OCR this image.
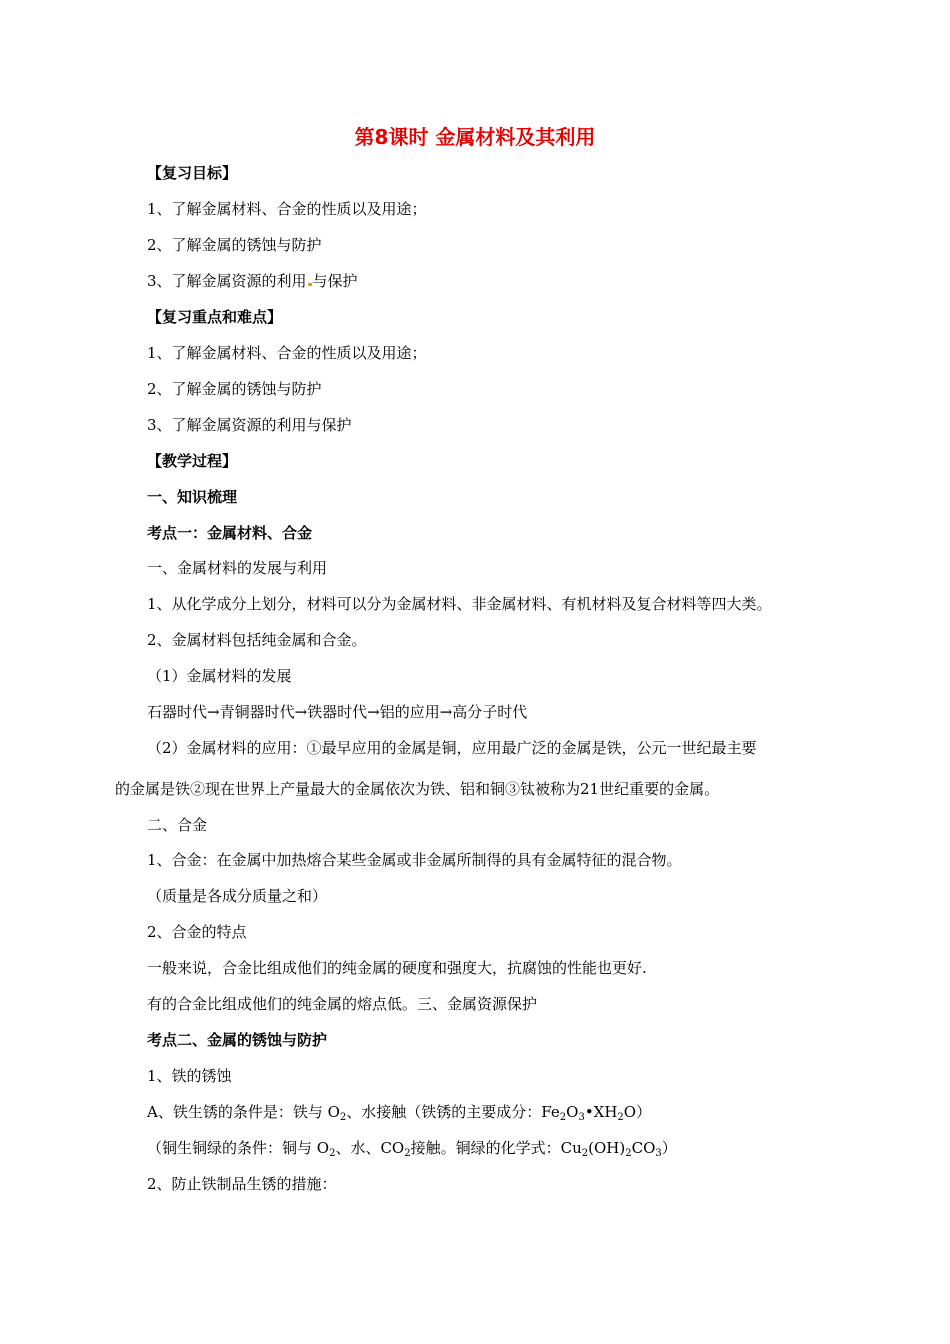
第8课时 金属材料及其利用
【复习目标】
1、了解金属材料、合金的性质以及用途；
2、了解金属的锈蚀与防护
3、了解金属资源的利用 与保护
【复习重点和难点】
1、了解金属材料、合金的性质以及用途；
2、了解金属的锈蚀与防护
3、了解金属资源的利用与保护
【教学过程】
一、知识梳理
考点一：金属材料、合金
一、金属材料的发展与利用
1、从化学成分上划分，材料可以分为金属材料、非金属材料、有机材料及复合材料等四大类。
2、金属材料包括纯金属和合金。
（1）金属材料的发展
石器时代→青铜器时代→铁器时代→铝的应用→高分子时代
（2）金属材料的应用：①最早应用的金属是铜，应用最广泛的金属是铁，公元一世纪最主要
的金属是铁②现在世界上产量最大的金属依次为铁、铝和铜③钛被称为21世纪重要的金属。
二、合金
1、合金：在金属中加热熔合某些金属或非金属所制得的具有金属特征的混合物。
（质量是各成分质量之和）
2、合金的特点
一般来说，合金比组成他们的纯金属的硬度和强度大，抗腐蚀的性能也更好.
有的合金比组成他们的纯金属的熔点低。三、金属资源保护
考点二、金属的锈蚀与防护
1、铁的锈蚀
A、铁生锈的条件是：铁与 $O_2$、水接触（铁锈的主要成分：$Fe_2O_3•XH_2O$）
（铜生铜绿的条件：铜与 $O_2$、水、$CO_2$接触。铜绿的化学式：$Cu_2(OH)_2CO_3$）
2、防止铁制品生锈的措施：
